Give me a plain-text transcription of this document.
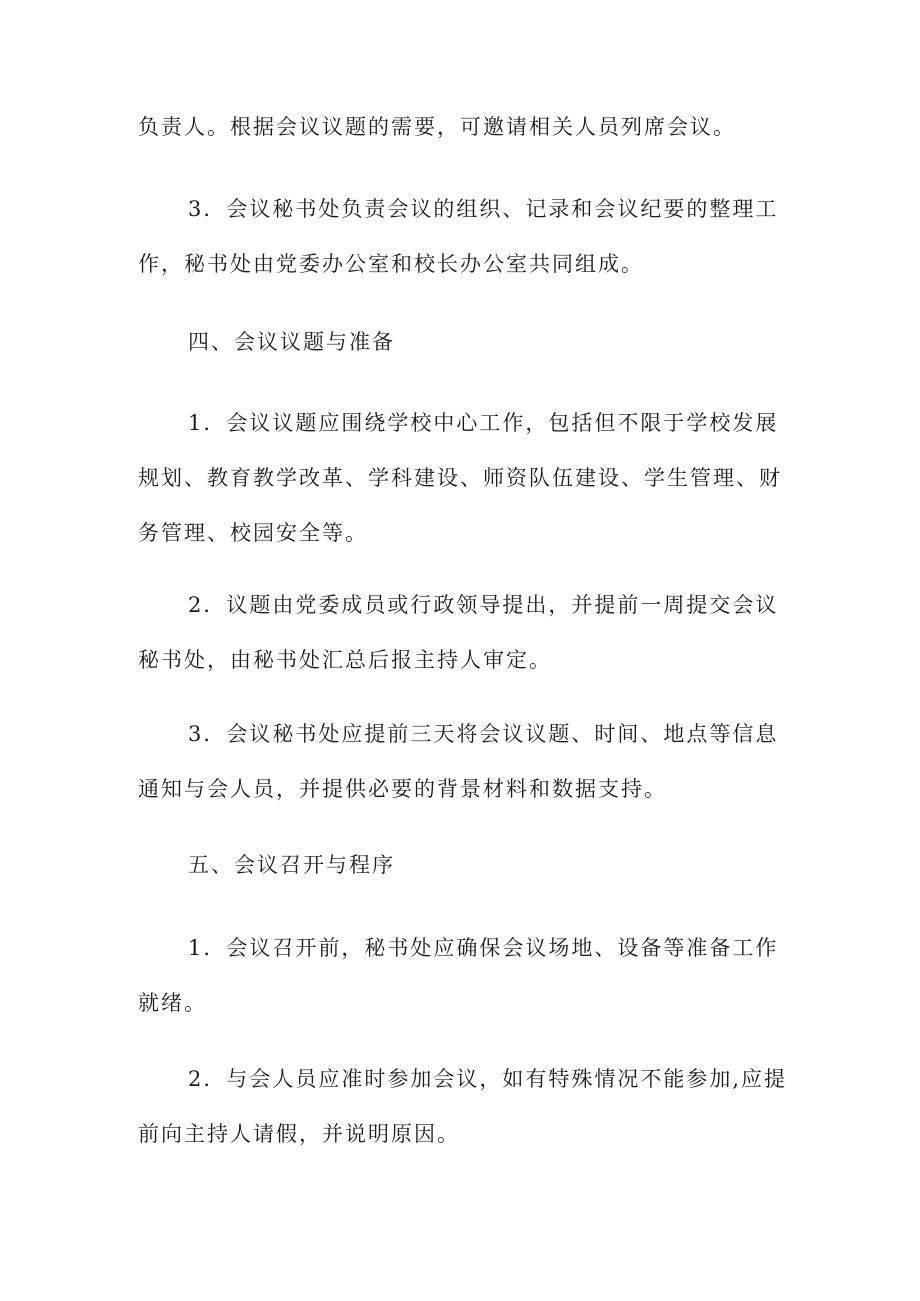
负责人。根据会议议题的需要，可邀请相关人员列席会议。

3．会议秘书处负责会议的组织、记录和会议纪要的整理工作，秘书处由党委办公室和校长办公室共同组成。

四、会议议题与准备

1．会议议题应围绕学校中心工作，包括但不限于学校发展规划、教育教学改革、学科建设、师资队伍建设、学生管理、财务管理、校园安全等。

2．议题由党委成员或行政领导提出，并提前一周提交会议秘书处，由秘书处汇总后报主持人审定。

3．会议秘书处应提前三天将会议议题、时间、地点等信息通知与会人员，并提供必要的背景材料和数据支持。

五、会议召开与程序

1．会议召开前，秘书处应确保会议场地、设备等准备工作就绪。

2．与会人员应准时参加会议，如有特殊情况不能参加,应提前向主持人请假，并说明原因。
